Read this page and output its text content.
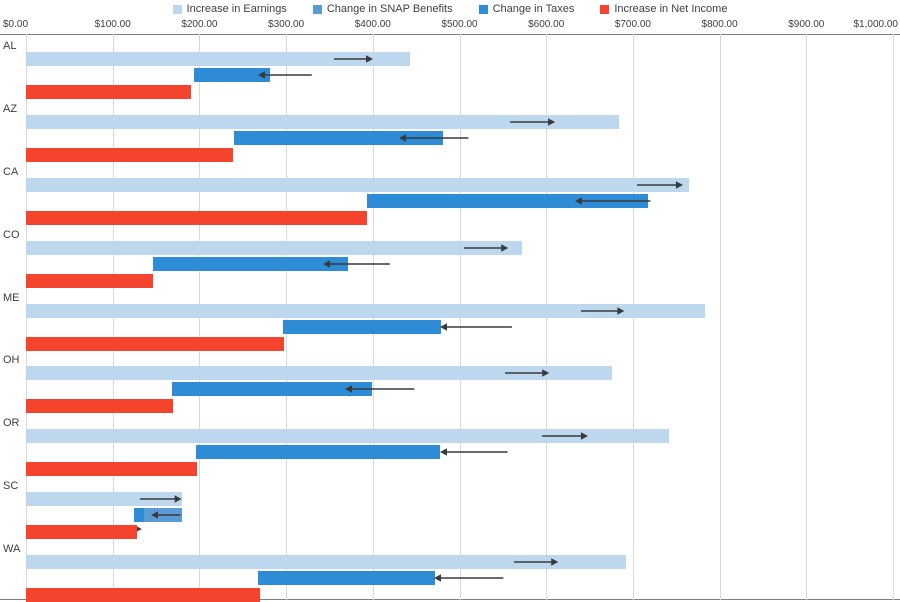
Increase in Earnings	Change in SNAP Benefits	Change in Taxes	Increase in Net Income
$0.00	$100.00	$200.00	$300.00	$400.00	$500.00	$600.00	$700.00	$800.00	$900.00	$1,000.00
AL
AZ
CA
CO
ME
OH
OR
SC
WA
